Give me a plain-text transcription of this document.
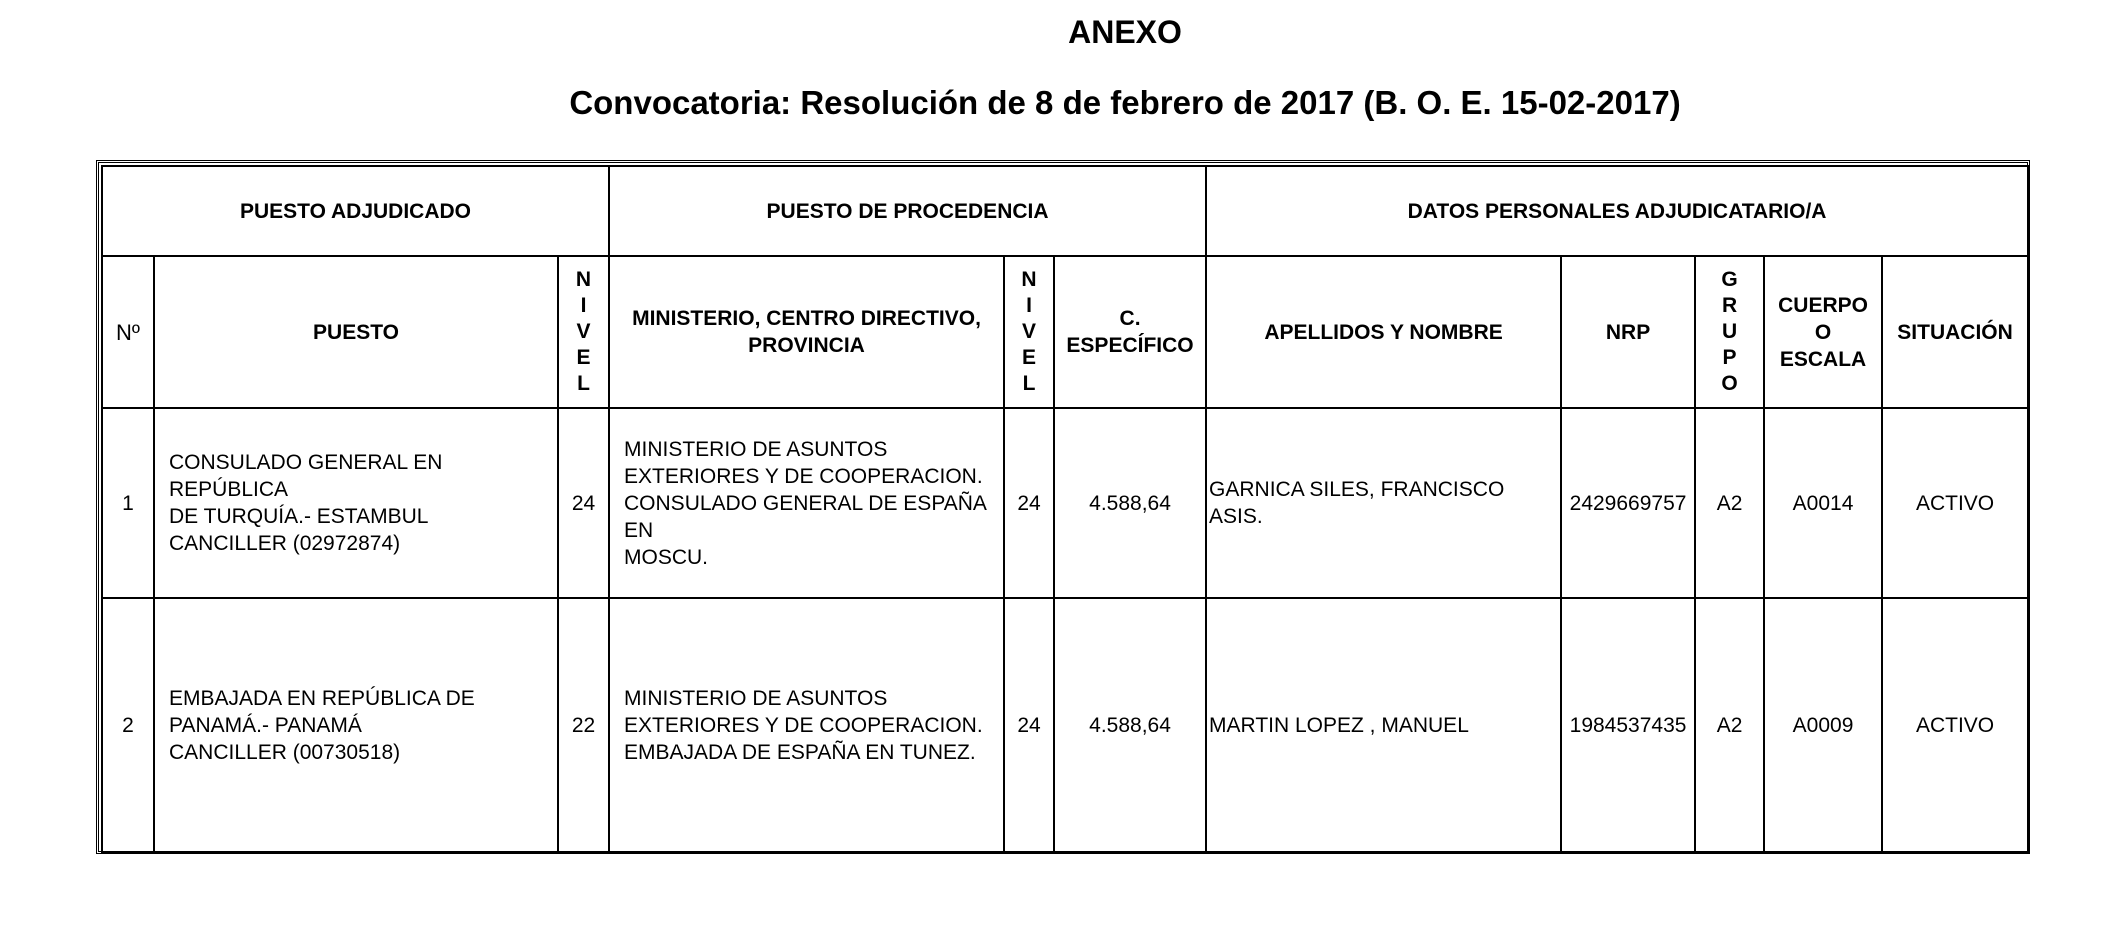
ANEXO
Convocatoria: Resolución de 8 de febrero de 2017 (B. O. E. 15-02-2017)
PUESTO ADJUDICADO			PUESTO DE PROCEDENCIA			DATOS PERSONALES ADJUDICATARIO/A				
Nº	PUESTO	N
I
V
E
L	MINISTERIO, CENTRO DIRECTIVO, PROVINCIA	N
I
V
E
L	C.
ESPECÍFICO	APELLIDOS Y NOMBRE	NRP	G
R
U
P
O	CUERPO
O
ESCALA	SITUACIÓN
1	CONSULADO GENERAL EN REPÚBLICA
DE TURQUÍA.- ESTAMBUL
CANCILLER (02972874)	24	MINISTERIO DE ASUNTOS
EXTERIORES Y DE COOPERACION.
CONSULADO GENERAL DE ESPAÑA EN
MOSCU.	24	4.588,64	GARNICA SILES, FRANCISCO ASIS.	2429669757	A2	A0014	ACTIVO
2	EMBAJADA EN REPÚBLICA DE
PANAMÁ.- PANAMÁ
CANCILLER (00730518)	22	MINISTERIO DE ASUNTOS
EXTERIORES Y DE COOPERACION.
EMBAJADA DE ESPAÑA EN TUNEZ.	24	4.588,64	MARTIN LOPEZ , MANUEL	1984537435	A2	A0009	ACTIVO
